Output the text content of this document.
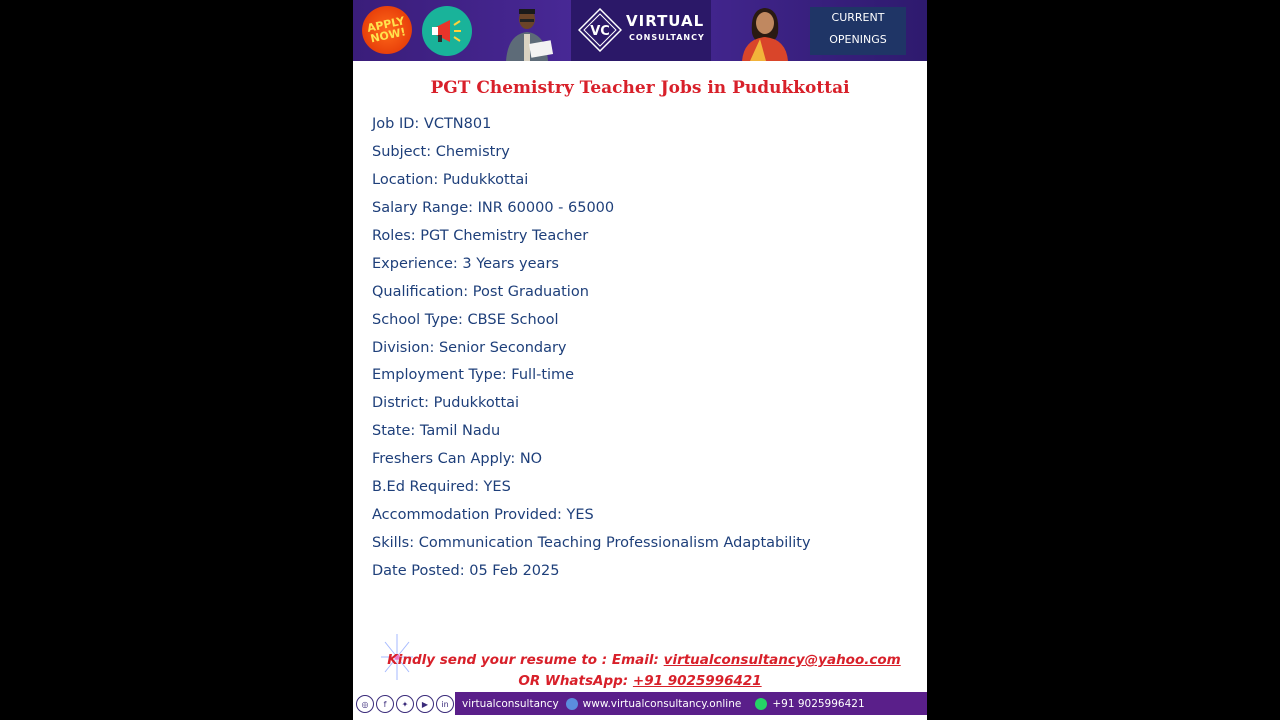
APPLY
NOW!	VC
VIRTUAL
CONSULTANCY
CURRENT
OPENINGS
PGT Chemistry Teacher Jobs in Pudukkottai
Job ID: VCTN801
Subject: Chemistry
Location: Pudukkottai
Salary Range: INR 60000 - 65000
Roles: PGT Chemistry Teacher
Experience: 3 Years years
Qualification: Post Graduation
School Type: CBSE School
Division: Senior Secondary
Employment Type: Full-time
District: Pudukkottai
State: Tamil Nadu
Freshers Can Apply: NO
B.Ed Required: YES
Accommodation Provided: YES
Skills: Communication Teaching Professionalism Adaptability
Date Posted: 05 Feb 2025
Kindly send your resume to : Email: virtualconsultancy@yahoo.com
OR WhatsApp: +91 9025996421
◎	f	✦	▶	in	virtualconsultancy www.virtualconsultancy.online	+91 9025996421
